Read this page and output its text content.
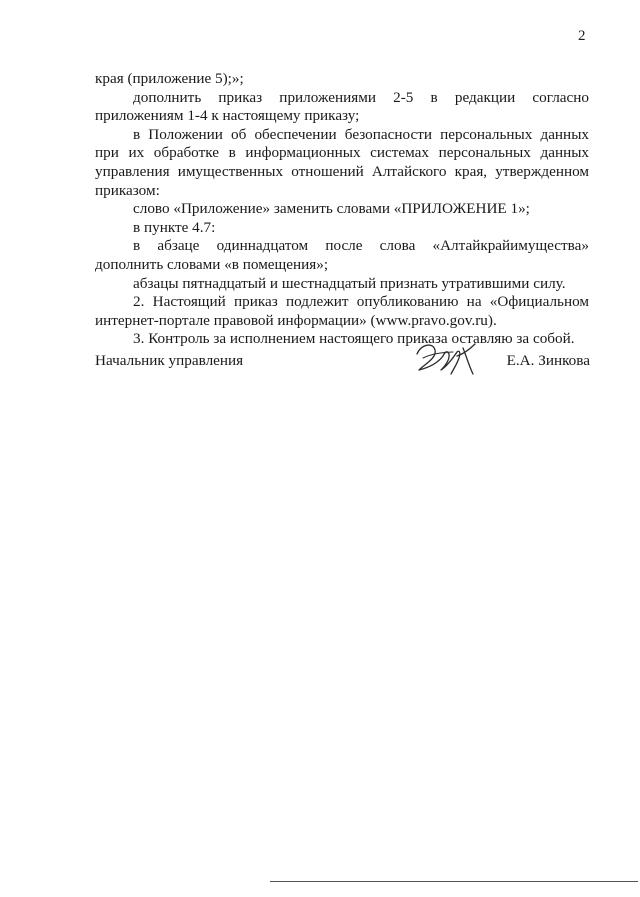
2

края (приложение 5);»;

дополнить приказ приложениями 2-5 в редакции согласно приложениям 1-4 к настоящему приказу;

в Положении об обеспечении безопасности персональных данных при их обработке в информационных системах персональных данных управления имущественных отношений Алтайского края, утвержденном приказом:

слово «Приложение» заменить словами «ПРИЛОЖЕНИЕ 1»;

в пункте 4.7:

в абзаце одиннадцатом после слова «Алтайкрайимущества» дополнить словами «в помещения»;

абзацы пятнадцатый и шестнадцатый признать утратившими силу.

2. Настоящий приказ подлежит опубликованию на «Официальном интернет-портале правовой информации» (www.pravo.gov.ru).

3. Контроль за исполнением настоящего приказа оставляю за собой.

Начальник управления	Е.А. Зинкова
